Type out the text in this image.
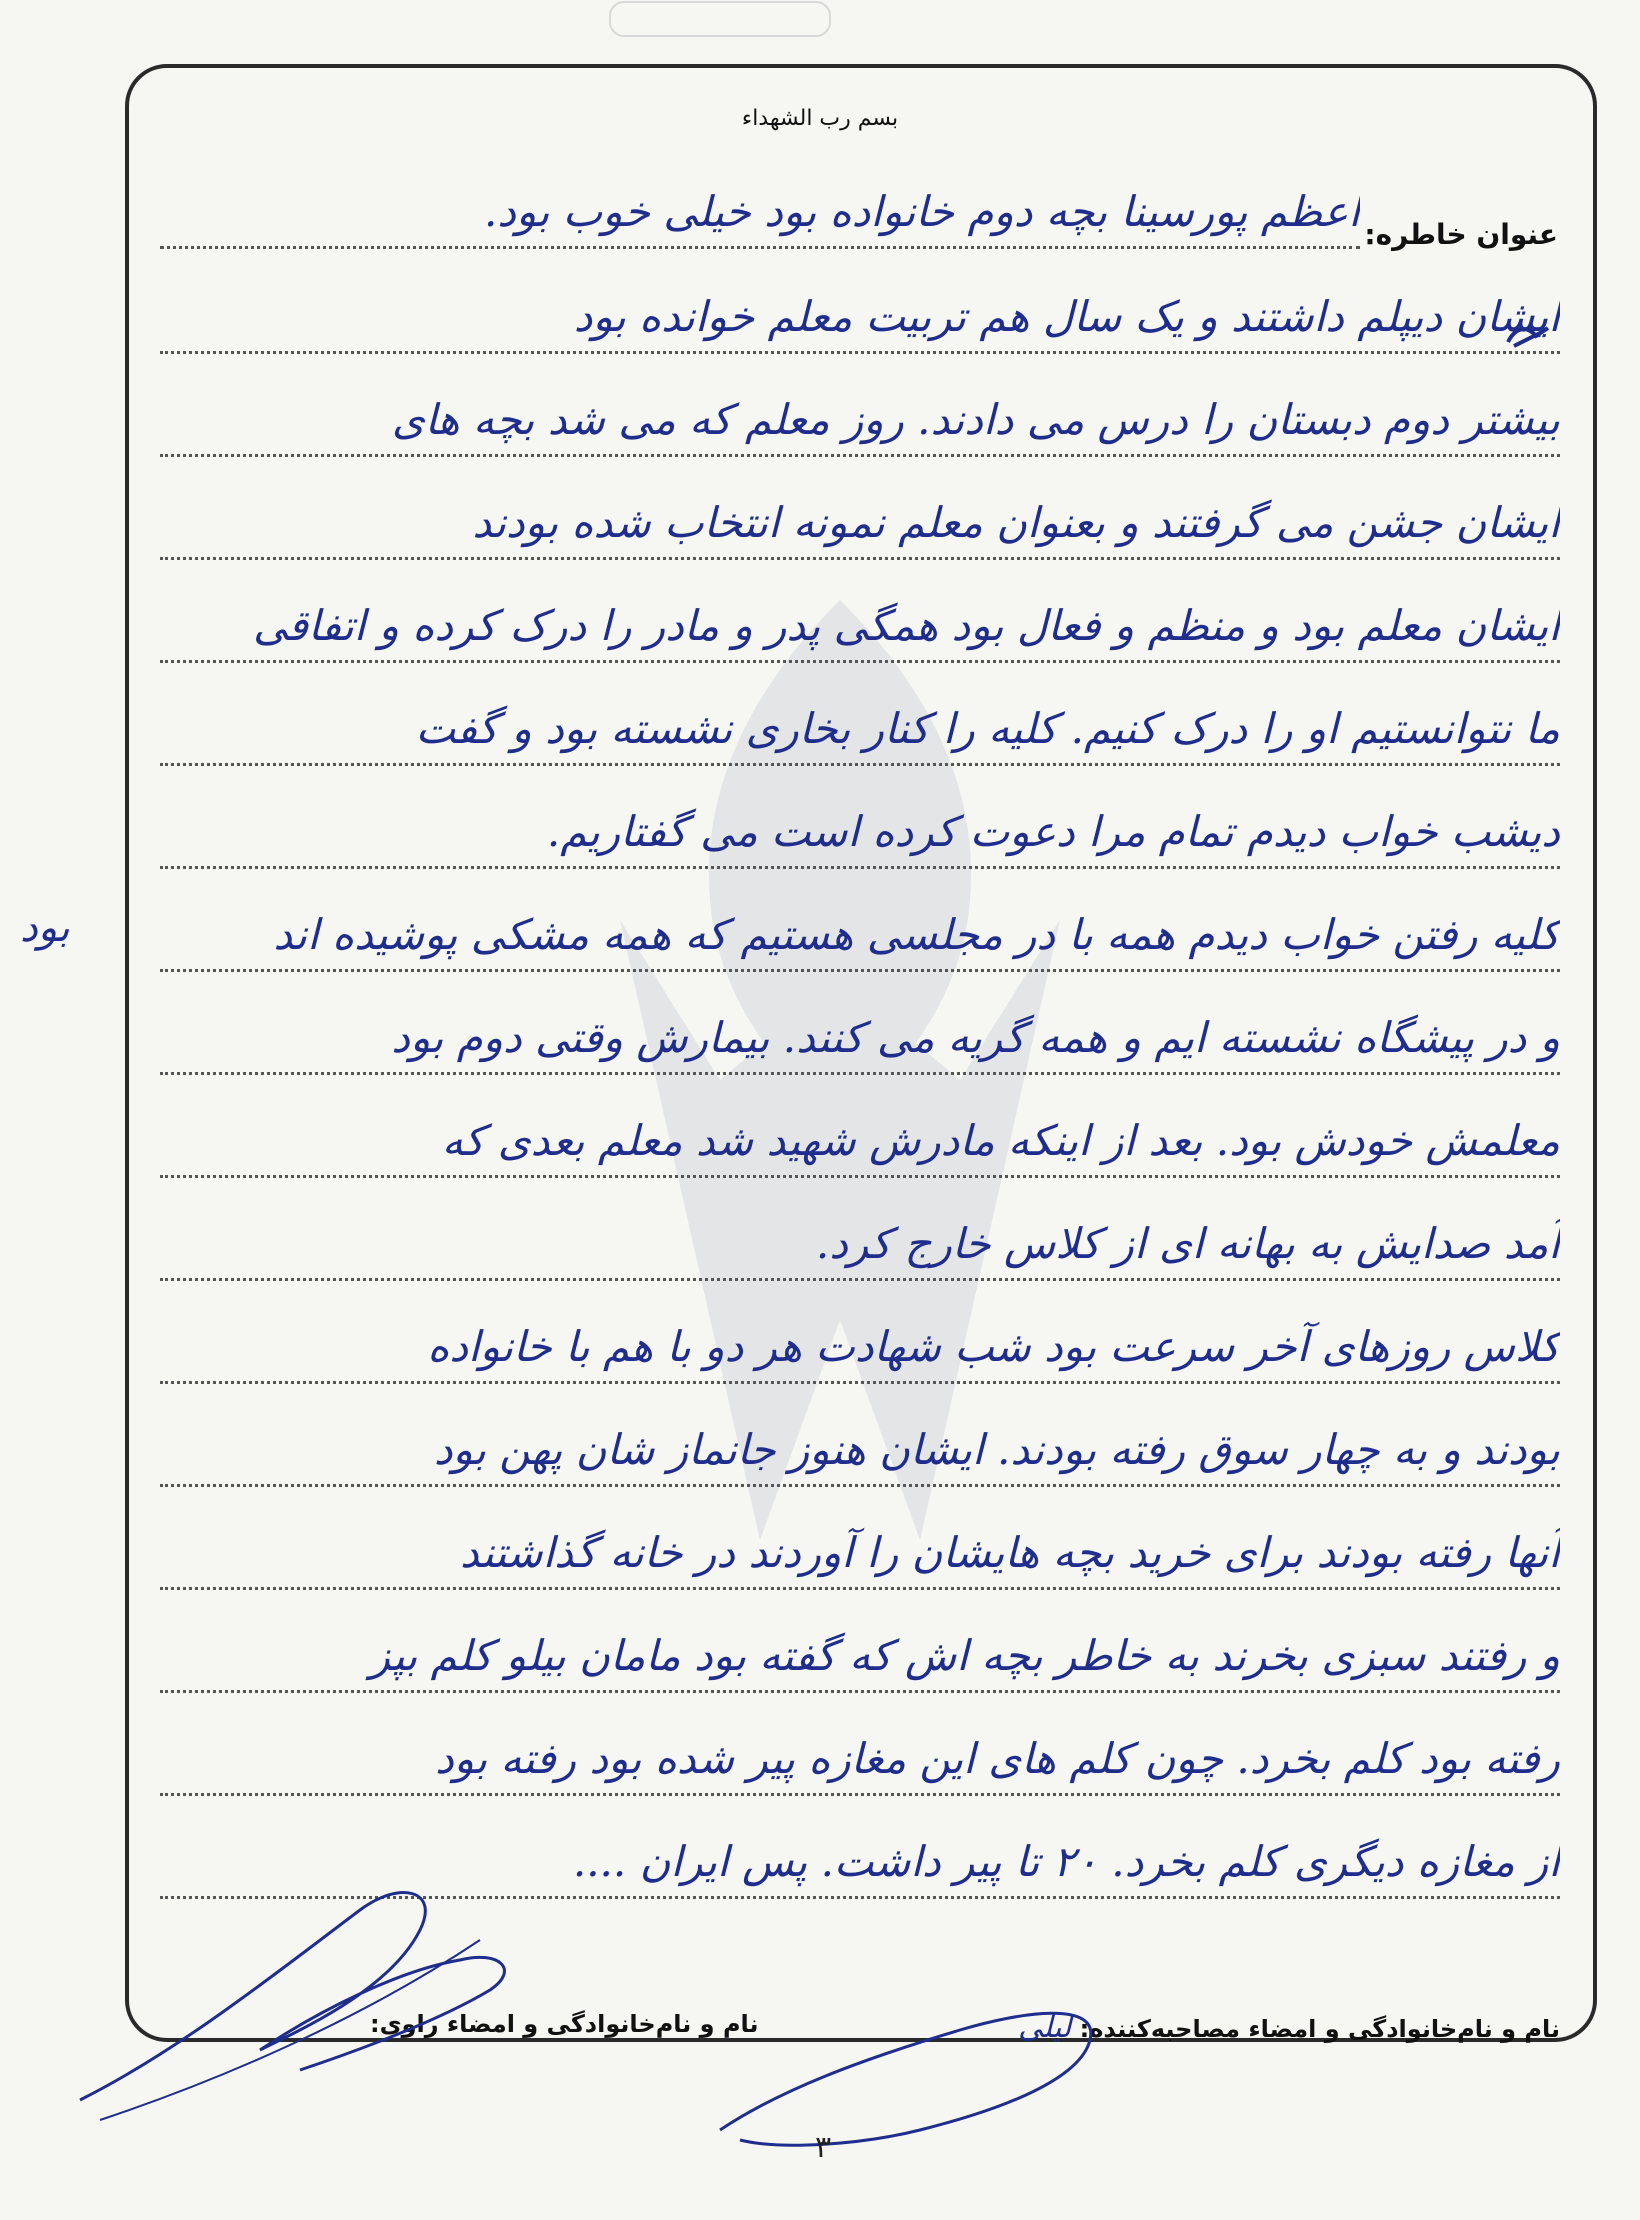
بسم رب الشهداء
عنوان خاطره:
اعظم پورسینا بچه دوم خانواده بود خیلی خوب بود.
ایشان دیپلم داشتند و یک سال هم تربیت معلم خوانده بود
بیشتر دوم دبستان را درس می دادند. روز معلم که می شد بچه های
ایشان جشن می گرفتند و بعنوان معلم نمونه انتخاب شده بودند
ایشان معلم بود و منظم و فعال بود همگی پدر و مادر را درک کرده و اتفاقی
ما نتوانستیم او را درک کنیم. کلیه را کنار بخاری نشسته بود و گفت
دیشب خواب دیدم تمام مرا دعوت کرده است می گفتاریم.
کلیه رفتن خواب دیدم همه با در مجلسی هستیم که همه مشکی پوشیده اند
و در پیشگاه نشسته ایم و همه گریه می کنند. بیمارش وقتی دوم بود
معلمش خودش بود. بعد از اینکه مادرش شهید شد معلم بعدی که
آمد صدایش به بهانه ای از کلاس خارج کرد.
کلاس روزهای آخر سرعت بود شب شهادت هر دو با هم با خانواده
بودند و به چهار سوق رفته بودند. ایشان هنوز جانماز شان پهن بود
آنها رفته بودند برای خرید بچه هایشان را آوردند در خانه گذاشتند
و رفتند سبزی بخرند به خاطر بچه اش که گفته بود مامان بیلو کلم بپز
رفته بود کلم بخرد. چون کلم های این مغازه پیر شده بود رفته بود
از مغازه دیگری کلم بخرد. ۲۰ تا پیر داشت. پس ایران ....
بود
نام و نام‌خانوادگی و امضاء مصاحبه‌کننده: لیلی
نام و نام‌خانوادگی و امضاء راوی:
۳
